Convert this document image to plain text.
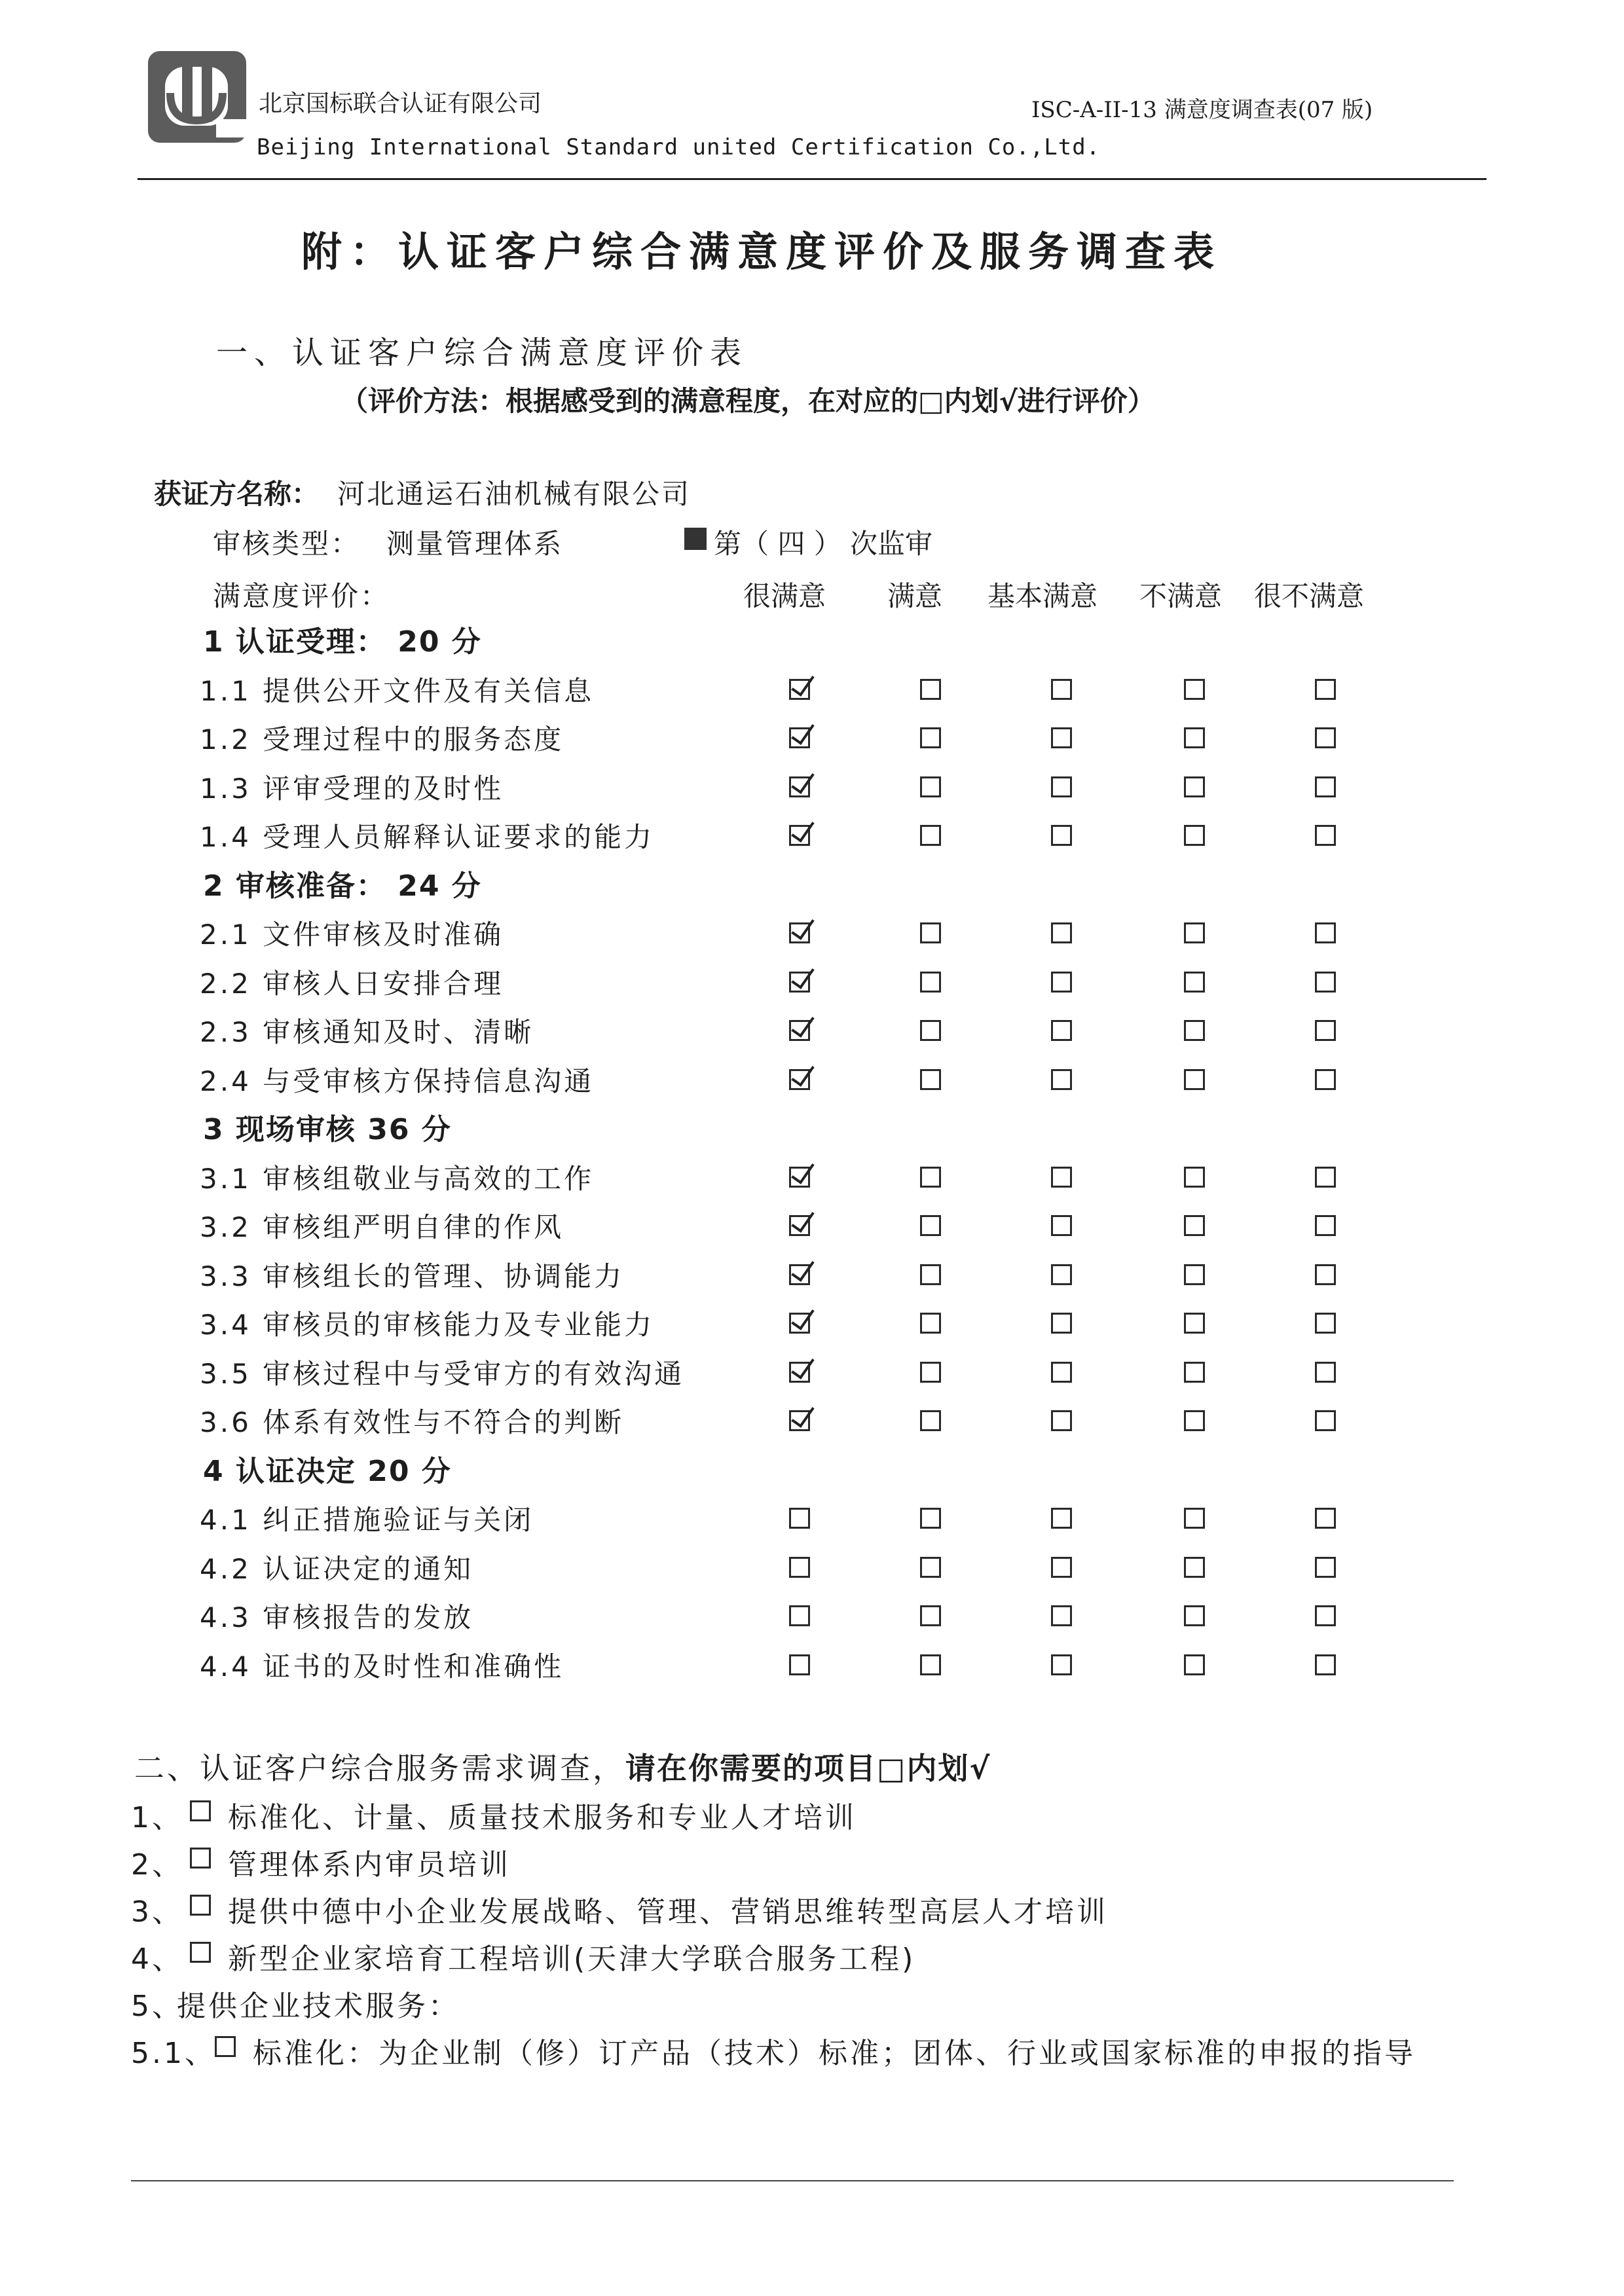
北京国标联合认证有限公司
Beijing International Standard united Certification Co.,Ltd.
ISC-A-II-13 满意度调查表(07 版)
附：认证客户综合满意度评价及服务调查表
一、认证客户综合满意度评价表
（评价方法：根据感受到的满意程度，在对应的□内划√进行评价）
获证方名称： 河北通运石油机械有限公司
审核类型： 测量管理体系	第（ 四 ） 次监审
满意度评价：	很满意 满意 基本满意 不满意 很不满意
1 认证受理： 20 分
1.1 提供公开文件及有关信息
1.2 受理过程中的服务态度
1.3 评审受理的及时性
1.4 受理人员解释认证要求的能力
2 审核准备： 24 分
2.1 文件审核及时准确
2.2 审核人日安排合理
2.3 审核通知及时、清晰
2.4 与受审核方保持信息沟通
3 现场审核 36 分
3.1 审核组敬业与高效的工作
3.2 审核组严明自律的作风
3.3 审核组长的管理、协调能力
3.4 审核员的审核能力及专业能力
3.5 审核过程中与受审方的有效沟通
3.6 体系有效性与不符合的判断
4 认证决定 20 分
4.1 纠正措施验证与关闭
4.2 认证决定的通知
4.3 审核报告的发放
4.4 证书的及时性和准确性
二、认证客户综合服务需求调查，请在你需要的项目□内划√
1、 标准化、计量、质量技术服务和专业人才培训
2、 管理体系内审员培训
3、 提供中德中小企业发展战略、管理、营销思维转型高层人才培训
4、 新型企业家培育工程培训(天津大学联合服务工程)
5、
提供企业技术服务：
5.1、 标准化：为企业制（修）订产品（技术）标准；团体、行业或国家标准的申报的指导
